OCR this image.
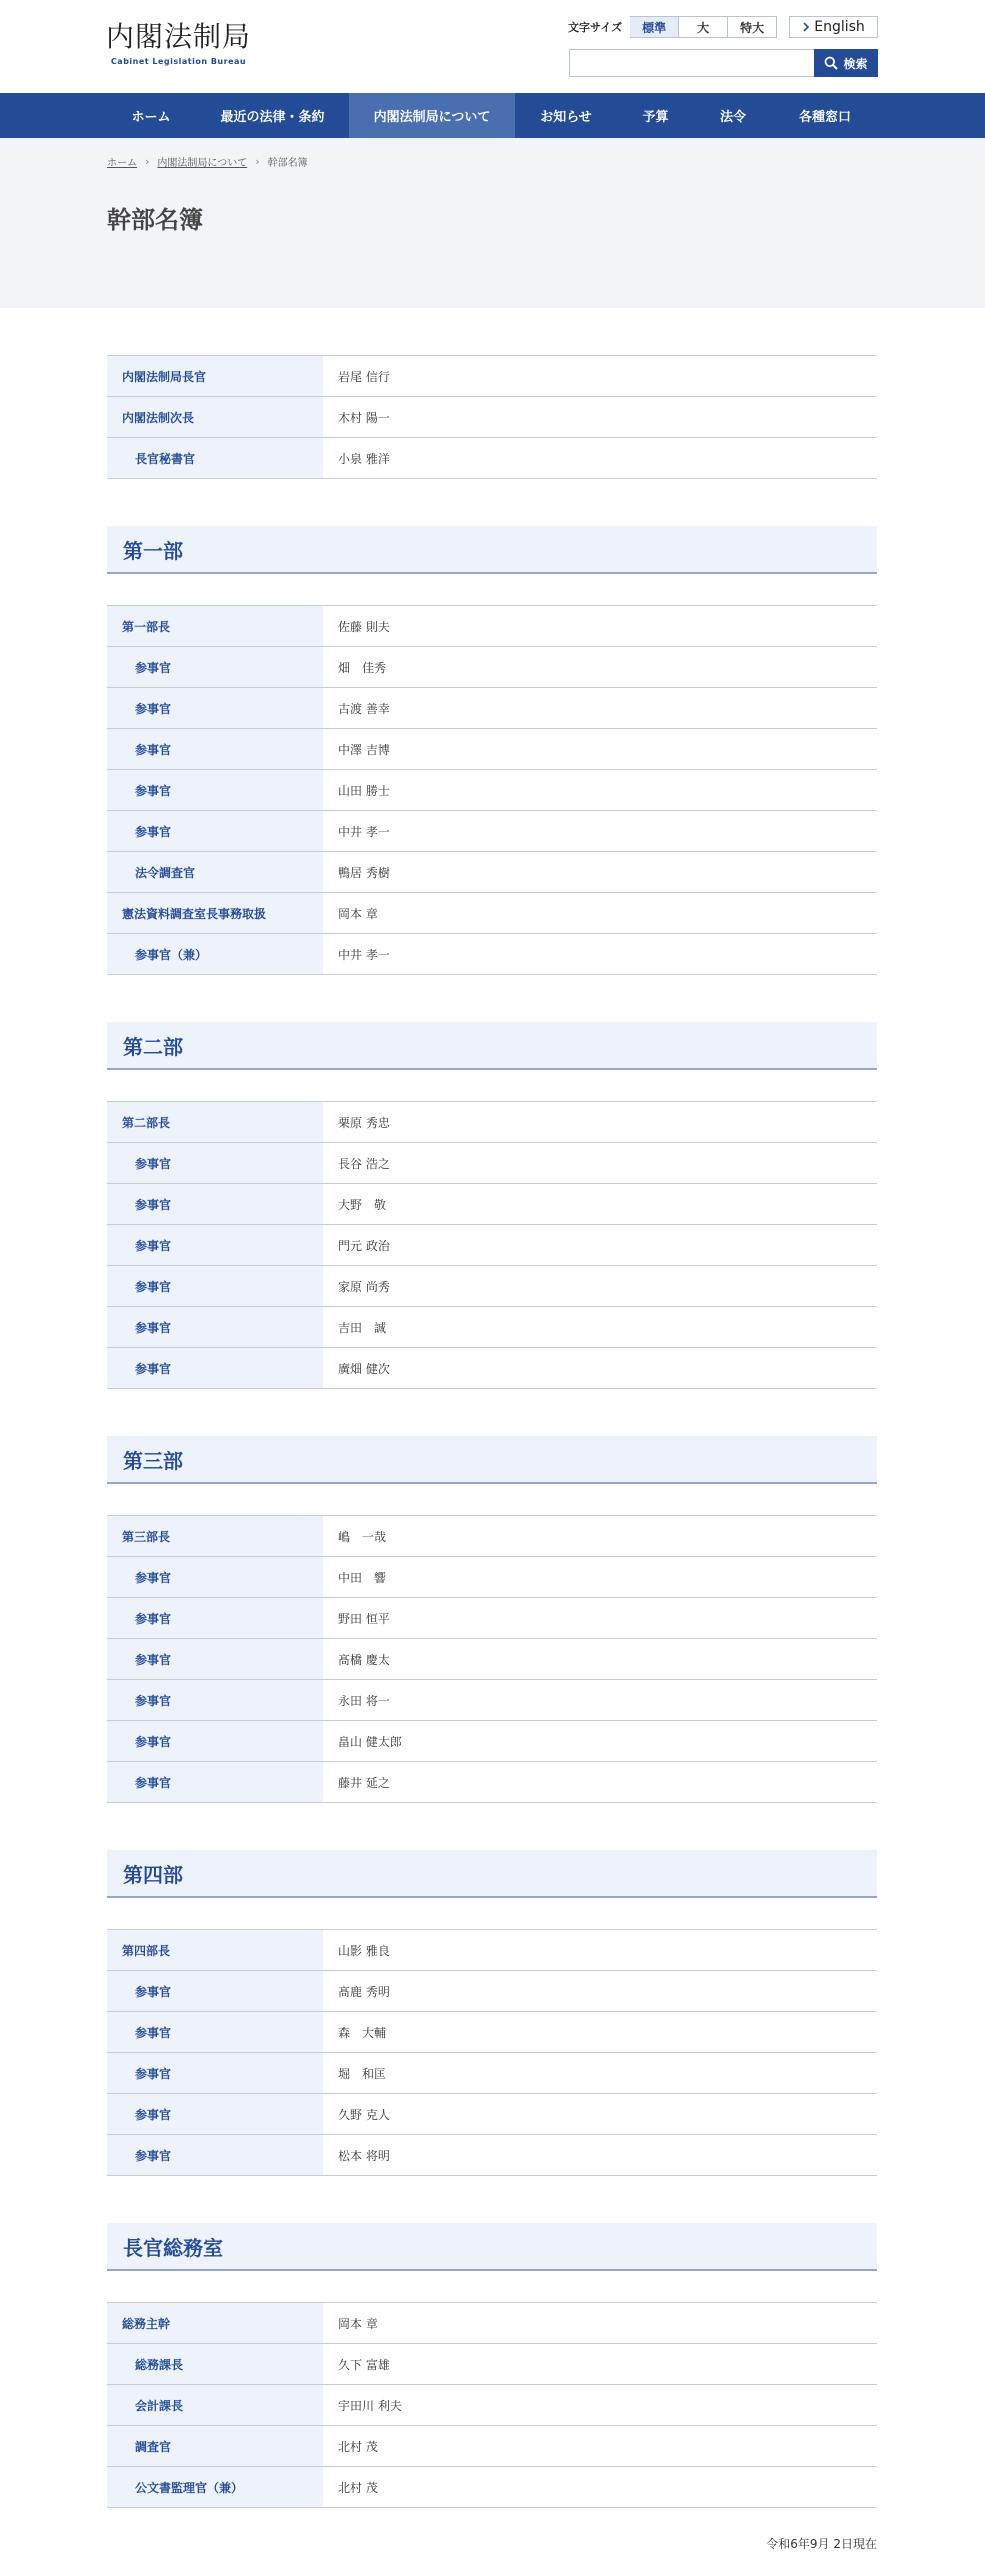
内閣法制局
Cabinet Legislation Bureau
文字サイズ	標準	大	特大	English
検索
ホーム	最近の法律・条約	内閣法制局について	お知らせ	予算	法令	各種窓口
ホーム › 内閣法制局について › 幹部名簿
幹部名簿
内閣法制局長官	岩尾 信行
内閣法制次長	木村 陽一
長官秘書官	小泉 雅洋
第一部
第一部長	佐藤 則夫
参事官	畑　佳秀
参事官	古渡 善幸
参事官	中澤 吉博
参事官	山田 勝士
参事官	中井 孝一
法令調査官	鴨居 秀樹
憲法資料調査室長事務取扱	岡本 章
参事官（兼）	中井 孝一
第二部
第二部長	栗原 秀忠
参事官	長谷 浩之
参事官	大野　敬
参事官	門元 政治
参事官	家原 尚秀
参事官	吉田　誠
参事官	廣畑 健次
第三部
第三部長	嶋　一哉
参事官	中田　響
参事官	野田 恒平
参事官	髙橋 慶太
参事官	永田 将一
参事官	畠山 健太郎
参事官	藤井 延之
第四部
第四部長	山影 雅良
参事官	髙鹿 秀明
参事官	森　大輔
参事官	堀　和匡
参事官	久野 克人
参事官	松本 将明
長官総務室
総務主幹	岡本 章
総務課長	久下 富雄
会計課長	宇田川 利夫
調査官	北村 茂
公文書監理官（兼）	北村 茂
令和6年9月 2日現在
